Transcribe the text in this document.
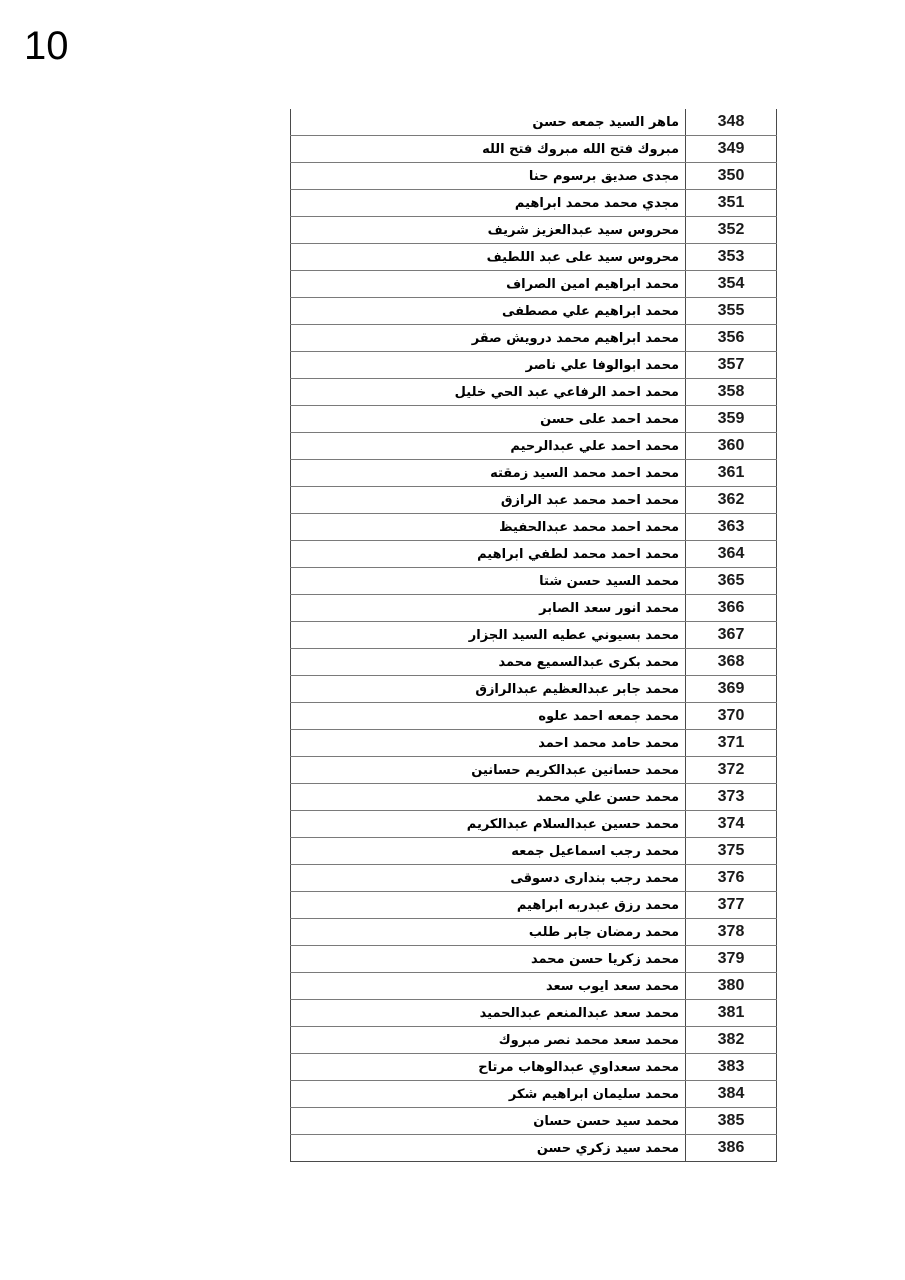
10
ماهر السيد جمعه حسن	348
مبروك فتح الله مبروك فتح الله	349
مجدى صديق برسوم حنا	350
مجدي محمد محمد ابراهيم	351
محروس سيد عبدالعزيز شريف	352
محروس سيد على عبد اللطيف	353
محمد ابراهيم امين الصراف	354
محمد ابراهيم علي مصطفى	355
محمد ابراهيم محمد درويش صقر	356
محمد ابوالوفا علي ناصر	357
محمد احمد الرفاعي عبد الحي خليل	358
محمد احمد على حسن	359
محمد احمد علي عبدالرحيم	360
محمد احمد محمد السيد زمقته	361
محمد احمد محمد عبد الرازق	362
محمد احمد محمد عبدالحفيظ	363
محمد احمد محمد لطفي ابراهيم	364
محمد السيد حسن شتا	365
محمد انور سعد الصابر	366
محمد بسيوني عطيه السيد الجزار	367
محمد بكرى عبدالسميع محمد	368
محمد جابر عبدالعظيم عبدالرازق	369
محمد جمعه احمد علوه	370
محمد حامد محمد احمد	371
محمد حسانين عبدالكريم حسانين	372
محمد حسن علي محمد	373
محمد حسين عبدالسلام عبدالكريم	374
محمد رجب اسماعيل جمعه	375
محمد رجب بندارى دسوقى	376
محمد رزق عبدربه ابراهيم	377
محمد رمضان جابر طلب	378
محمد زكريا حسن محمد	379
محمد سعد ايوب سعد	380
محمد سعد عبدالمنعم عبدالحميد	381
محمد سعد محمد نصر مبروك	382
محمد سعداوي عبدالوهاب مرتاح	383
محمد سليمان ابراهيم شكر	384
محمد سيد حسن حسان	385
محمد سيد زكري حسن	386
